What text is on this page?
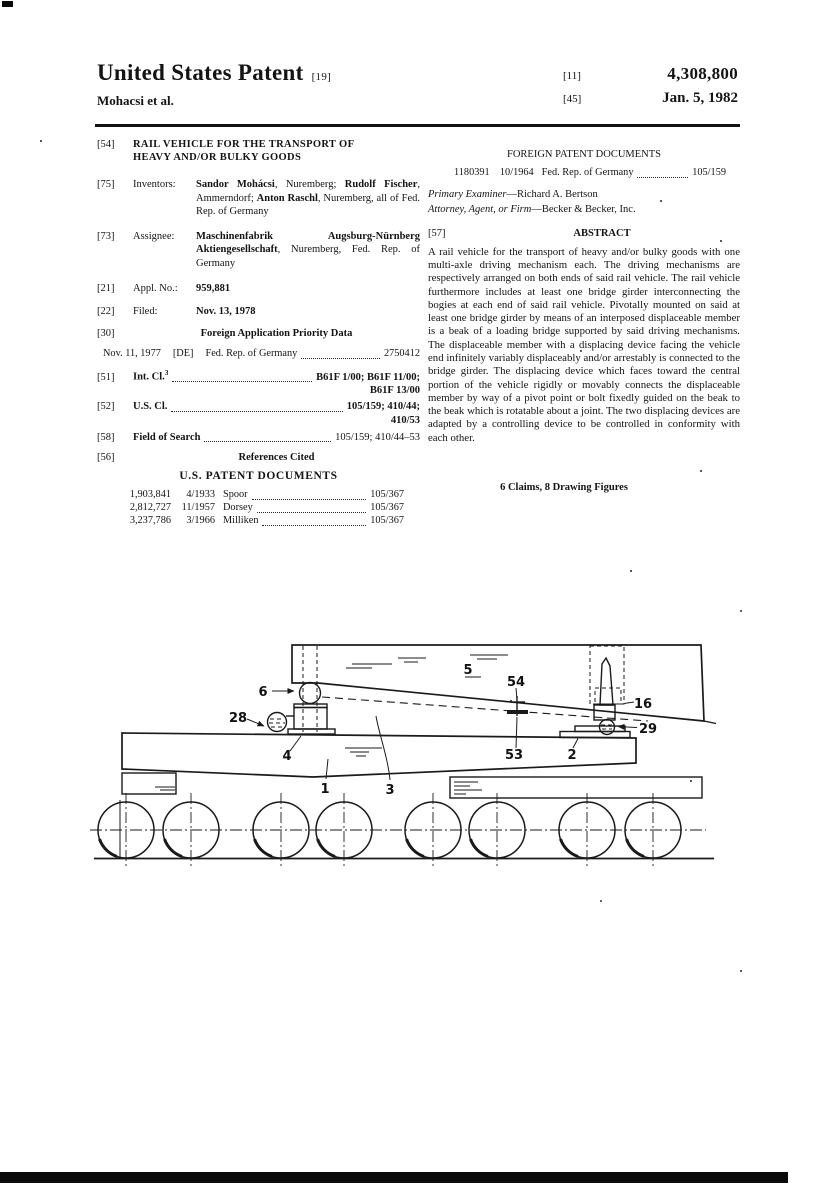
United States Patent [19]
Mohacsi et al.
[11]	4,308,800
[45]	Jan. 5, 1982
[54]	RAIL VEHICLE FOR THE TRANSPORT OF HEAVY AND/OR BULKY GOODS
[75]	Inventors:	Sandor Mohácsi, Nuremberg; Rudolf Fischer, Ammerndorf; Anton Raschl, Nuremberg, all of Fed. Rep. of Germany
[73]	Assignee:	Maschinenfabrik Augsburg-Nürnberg Aktiengesellschaft, Nuremberg, Fed. Rep. of Germany
[21]	Appl. No.:	959,881
[22]	Filed:	Nov. 13, 1978
[30]	Foreign Application Priority Data
Nov. 11, 1977 [DE] Fed. Rep. of Germany	2750412
[51]	Int. Cl.$^3$	B61F 1/00; B61F 11/00;
B61F 13/00
[52]	U.S. Cl.	105/159; 410/44;
410/53
[58]	Field of Search	105/159; 410/44–53
[56]	References Cited
U.S. PATENT DOCUMENTS
1,903,841	4/1933 Spoor	105/367
2,812,727	11/1957 Dorsey	105/367
3,237,786	3/1966 Milliken	105/367
FOREIGN PATENT DOCUMENTS
1180391 10/1964 Fed. Rep. of Germany	105/159
Primary Examiner—Richard A. Bertson
Attorney, Agent, or Firm—Becker & Becker, Inc.
[57]	ABSTRACT

A rail vehicle for the transport of heavy and/or bulky goods with one multi-axle driving mechanism each. The driving mechanisms are respectively arranged on both ends of said rail vehicle. The rail vehicle furthermore includes at least one bridge girder interconnecting the bogies at each end of said rail vehicle. Pivotally mounted on said at least one bridge girder by means of an interposed displaceable member is a beak of a loading bridge supported by said driving mechanisms. The displaceable member with a displacing device facing the vehicle end infinitely variably displaceably and/or arrestably is connected to the bridge girder. The displacing device which faces toward the central portion of the vehicle rigidly or movably connects the displaceable member by way of a pivot point or bolt fixedly guided on the beak to the beak which is rotatable about a joint. The two displacing devices are adapted by a controlling device to be controlled in conformity with each other.

6 Claims, 8 Drawing Figures
5
54
6
16
28
29
4	53	2
1	3
